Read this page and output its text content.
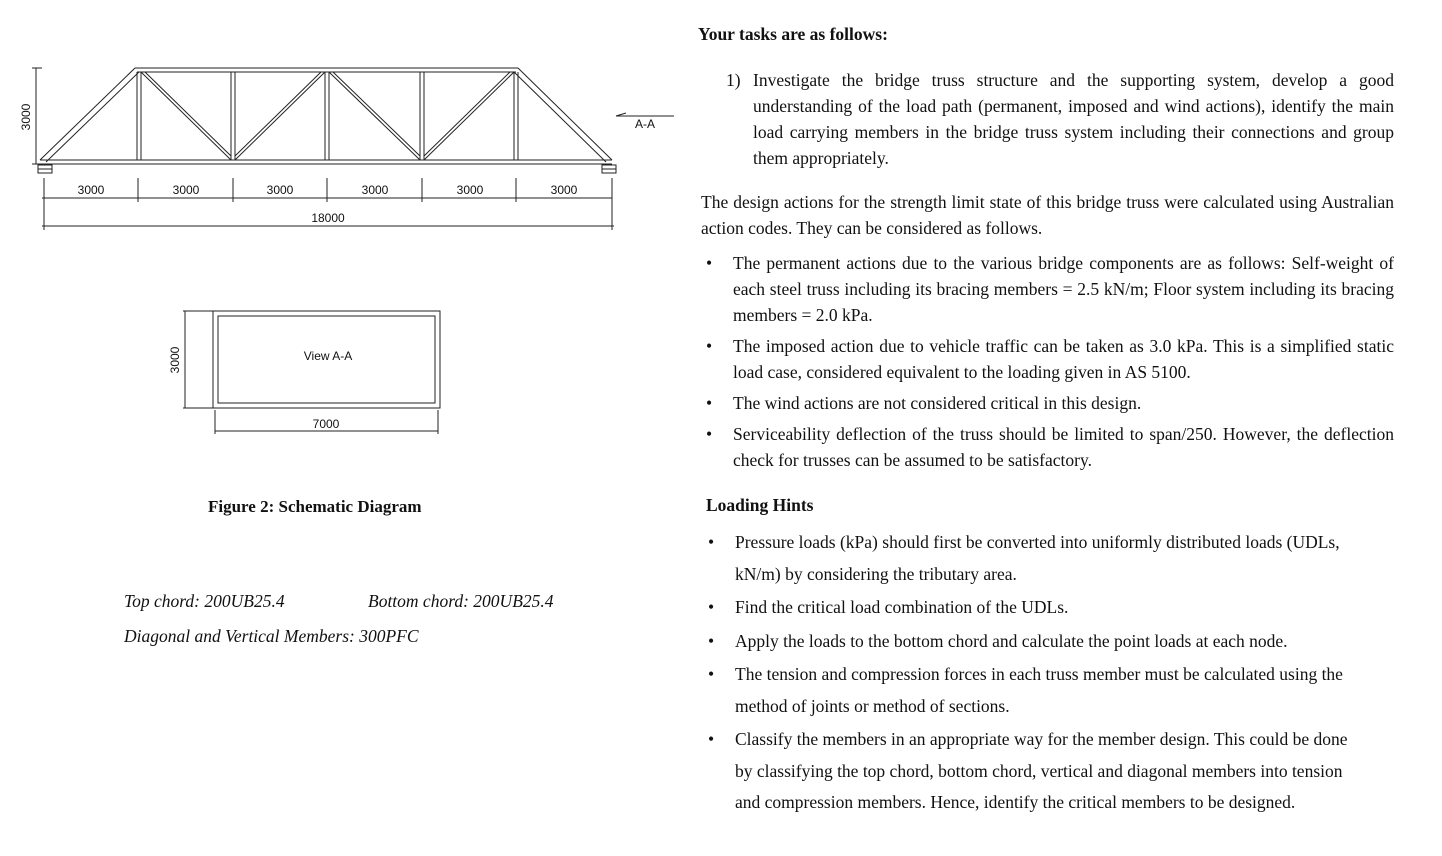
3000	A-A
3000	3000	3000	3000	3000	3000
18000
View A-A
3000
7000
Figure 2: Schematic Diagram
Top chord: 200UB25.4	Bottom chord: 200UB25.4
Diagonal and Vertical Members: 300PFC

Your tasks are as follows:

1) Investigate the bridge truss structure and the supporting system, develop a good understanding of the load path (permanent, imposed and wind actions), identify the main load carrying members in the bridge truss system including their connections and group them appropriately.

The design actions for the strength limit state of this bridge truss were calculated using Australian action codes. They can be considered as follows.

• The permanent actions due to the various bridge components are as follows: Self-weight of each steel truss including its bracing members = 2.5 kN/m; Floor system including its bracing members = 2.0 kPa.
• The imposed action due to vehicle traffic can be taken as 3.0 kPa. This is a simplified static load case, considered equivalent to the loading given in AS 5100.
• The wind actions are not considered critical in this design.
• Serviceability deflection of the truss should be limited to span/250. However, the deflection check for trusses can be assumed to be satisfactory.

Loading Hints

• Pressure loads (kPa) should first be converted into uniformly distributed loads (UDLs, kN/m) by considering the tributary area.
• Find the critical load combination of the UDLs.
• Apply the loads to the bottom chord and calculate the point loads at each node.
• The tension and compression forces in each truss member must be calculated using the method of joints or method of sections.
• Classify the members in an appropriate way for the member design. This could be done by classifying the top chord, bottom chord, vertical and diagonal members into tension and compression members. Hence, identify the critical members to be designed.
